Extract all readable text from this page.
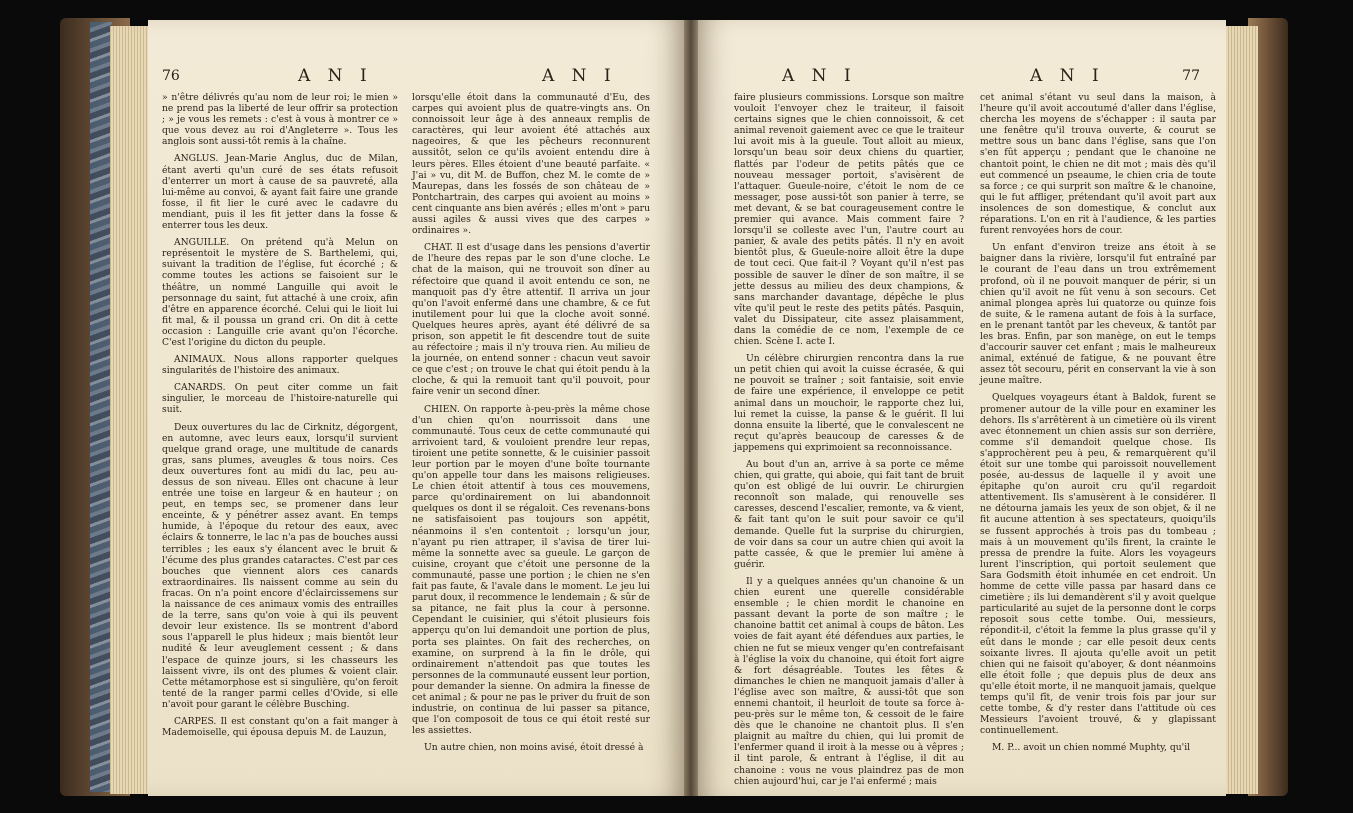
76	A N I	A N I

» n'être délivrés qu'au nom de leur roi; le mien » ne prend pas la liberté de leur offrir sa protection ; » je vous les remets : c'est à vous à montrer ce » que vous devez au roi d'Angleterre ». Tous les anglois sont aussi-tôt remis à la chaîne.

ANGLUS. Jean-Marie Anglus, duc de Milan, étant averti qu'un curé de ses états refusoit d'enterrer un mort à cause de sa pauvreté, alla lui-même au convoi, & ayant fait faire une grande fosse, il fit lier le curé avec le cadavre du mendiant, puis il les fit jetter dans la fosse & enterrer tous les deux.

ANGUILLE. On prétend qu'à Melun on représentoit le mystère de S. Barthelemi, qui, suivant la tradition de l'église, fut écorché ; & comme toutes les actions se faisoient sur le théâtre, un nommé Languille qui avoit le personnage du saint, fut attaché à une croix, afin d'être en apparence écorché. Celui qui le lioit lui fit mal, & il poussa un grand cri. On dit à cette occasion : Languille crie avant qu'on l'écorche. C'est l'origine du dicton du peuple.

ANIMAUX. Nous allons rapporter quelques singularités de l'histoire des animaux.

CANARDS. On peut citer comme un fait singulier, le morceau de l'histoire-naturelle qui suit.

Deux ouvertures du lac de Cirknitz, dégorgent, en automne, avec leurs eaux, lorsqu'il survient quelque grand orage, une multitude de canards gras, sans plumes, aveugles & tous noirs. Ces deux ouvertures font au midi du lac, peu au-dessus de son niveau. Elles ont chacune à leur entrée une toise en largeur & en hauteur ; on peut, en temps sec, se promener dans leur enceinte, & y pénétrer assez avant. En temps humide, à l'époque du retour des eaux, avec éclairs & tonnerre, le lac n'a pas de bouches aussi terribles ; les eaux s'y élancent avec le bruit & l'écume des plus grandes cataractes. C'est par ces bouches que viennent alors ces canards extraordinaires. Ils naissent comme au sein du fracas. On n'a point encore d'éclaircissemens sur la naissance de ces animaux vomis des entrailles de la terre, sans qu'on voie à qui ils peuvent devoir leur existence. Ils se montrent d'abord sous l'apparell le plus hideux ; mais bientôt leur nudité & leur aveuglement cessent ; & dans l'espace de quinze jours, si les chasseurs les laissent vivre, ils ont des plumes & voient clair. Cette métamorphose est si singulière, qu'on feroit tenté de la ranger parmi celles d'Ovide, si elle n'avoit pour garant le célèbre Busching.

CARPES. Il est constant qu'on a fait manger à Mademoiselle, qui épousa depuis M. de Lauzun,

lorsqu'elle étoit dans la communauté d'Eu, des carpes qui avoient plus de quatre-vingts ans. On connoissoit leur âge à des anneaux remplis de caractères, qui leur avoient été attachés aux nageoires, & que les pêcheurs reconnurent aussitôt, selon ce qu'ils avoient entendu dire à leurs pères. Elles étoient d'une beauté parfaite. « J'ai » vu, dit M. de Buffon, chez M. le comte de » Maurepas, dans les fossés de son château de » Pontchartrain, des carpes qui avoient au moins » cent cinquante ans bien avérés ; elles m'ont » paru aussi agiles & aussi vives que des carpes » ordinaires ».

CHAT. Il est d'usage dans les pensions d'avertir de l'heure des repas par le son d'une cloche. Le chat de la maison, qui ne trouvoit son dîner au réfectoire que quand il avoit entendu ce son, ne manquoit pas d'y être attentif. Il arriva un jour qu'on l'avoit enfermé dans une chambre, & ce fut inutilement pour lui que la cloche avoit sonné. Quelques heures après, ayant été délivré de sa prison, son appetit le fit descendre tout de suite au réfectoire ; mais il n'y trouva rien. Au milieu de la journée, on entend sonner : chacun veut savoir ce que c'est ; on trouve le chat qui étoit pendu à la cloche, & qui la remuoit tant qu'il pouvoit, pour faire venir un second dîner.

CHIEN. On rapporte à-peu-près la même chose d'un chien qu'on nourrissoit dans une communauté. Tous ceux de cette communauté qui arrivoient tard, & vouloient prendre leur repas, tiroient une petite sonnette, & le cuisinier passoit leur portion par le moyen d'une boîte tournante qu'on appelle tour dans les maisons religieuses. Le chien étoit attentif à tous ces mouvemens, parce qu'ordinairement on lui abandonnoit quelques os dont il se régaloit. Ces revenans-bons ne satisfaisoient pas toujours son appétit, néanmoins il s'en contentoit ; lorsqu'un jour, n'ayant pu rien attraper, il s'avisa de tirer lui-même la sonnette avec sa gueule. Le garçon de cuisine, croyant que c'étoit une personne de la communauté, passe une portion ; le chien ne s'en fait pas faute, & l'avale dans le moment. Le jeu lui parut doux, il recommence le lendemain ; & sûr de sa pitance, ne fait plus la cour à personne. Cependant le cuisinier, qui s'étoit plusieurs fois apperçu qu'on lui demandoit une portion de plus, porta ses plaintes. On fait des recherches, on examine, on surprend à la fin le drôle, qui ordinairement n'attendoit pas que toutes les personnes de la communauté eussent leur portion, pour demander la sienne. On admira la finesse de cet animal ; & pour ne pas le priver du fruit de son industrie, on continua de lui passer sa pitance, que l'on composoit de tous ce qui étoit resté sur les assiettes.

Un autre chien, non moins avisé, étoit dressé à

A N I	A N I	77

faire plusieurs commissions. Lorsque son maître vouloit l'envoyer chez le traiteur, il faisoit certains signes que le chien connoissoit, & cet animal revenoit gaiement avec ce que le traiteur lui avoit mis à la gueule. Tout alloit au mieux, lorsqu'un beau soir deux chiens du quartier, flattés par l'odeur de petits pâtés que ce nouveau messager portoit, s'avisèrent de l'attaquer. Gueule-noire, c'étoit le nom de ce messager, pose aussi-tôt son panier à terre, se met devant, & se bat courageusement contre le premier qui avance. Mais comment faire ? lorsqu'il se colleste avec l'un, l'autre court au panier, & avale des petits pâtés. Il n'y en avoit bientôt plus, & Gueule-noire alloit être la dupe de tout ceci. Que fait-il ? Voyant qu'il n'est pas possible de sauver le dîner de son maître, il se jette dessus au milieu des deux champions, & sans marchander davantage, dépêche le plus vîte qu'il peut le reste des petits pâtés. Pasquin, valet du Dissipateur, cite assez plaisamment, dans la comédie de ce nom, l'exemple de ce chien. Scène I. acte I.

Un célèbre chirurgien rencontra dans la rue un petit chien qui avoit la cuisse écrasée, & qui ne pouvoit se traîner ; soit fantaisie, soit envie de faire une expérience, il enveloppe ce petit animal dans un mouchoir, le rapporte chez lui, lui remet la cuisse, la panse & le guérit. Il lui donna ensuite la liberté, que le convalescent ne reçut qu'après beaucoup de caresses & de jappemens qui exprimoient sa reconnoissance.

Au bout d'un an, arrive à sa porte ce même chien, qui gratte, qui aboie, qui fait tant de bruit qu'on est obligé de lui ouvrir. Le chirurgien reconnoît son malade, qui renouvelle ses caresses, descend l'escalier, remonte, va & vient, & fait tant qu'on le suit pour savoir ce qu'il demande. Quelle fut la surprise du chirurgien, de voir dans sa cour un autre chien qui avoit la patte cassée, & que le premier lui amène à guérir.

Il y a quelques années qu'un chanoine & un chien eurent une querelle considérable ensemble ; le chien mordit le chanoine en passant devant la porte de son maître ; le chanoine battit cet animal à coups de bâton. Les voies de fait ayant été défendues aux parties, le chien ne fut se mieux venger qu'en contrefaisant à l'église la voix du chanoine, qui étoit fort aigre & fort désagréable. Toutes les fêtes & dimanches le chien ne manquoit jamais d'aller à l'église avec son maître, & aussi-tôt que son ennemi chantoit, il heurloit de toute sa force à-peu-près sur le même ton, & cessoit de le faire dès que le chanoine ne chantoit plus. Il s'en plaignit au maître du chien, qui lui promit de l'enfermer quand il iroit à la messe ou à vêpres ; il tint parole, & entrant à l'église, il dit au chanoine : vous ne vous plaindrez pas de mon chien aujourd'hui, car je l'ai enfermé ; mais

cet animal s'étant vu seul dans la maison, à l'heure qu'il avoit accoutumé d'aller dans l'église, chercha les moyens de s'échapper : il sauta par une fenêtre qu'il trouva ouverte, & courut se mettre sous un banc dans l'église, sans que l'on s'en fût apperçu ; pendant que le chanoine ne chantoit point, le chien ne dit mot ; mais dès qu'il eut commencé un pseaume, le chien cria de toute sa force ; ce qui surprit son maître & le chanoine, qui le fut affliger, prétendant qu'il avoit part aux insolences de son domestique, & conclut aux réparations. L'on en rit à l'audience, & les parties furent renvoyées hors de cour.

Un enfant d'environ treize ans étoit à se baigner dans la rivière, lorsqu'il fut entraîné par le courant de l'eau dans un trou extrêmement profond, où il ne pouvoit manquer de périr, si un chien qu'il avoit ne fût venu à son secours. Cet animal plongea après lui quatorze ou quinze fois de suite, & le ramena autant de fois à la surface, en le prenant tantôt par les cheveux, & tantôt par les bras. Enfin, par son manège, on eut le temps d'accourir sauver cet enfant ; mais le malheureux animal, exténué de fatigue, & ne pouvant être assez tôt secouru, périt en conservant la vie à son jeune maître.

Quelques voyageurs étant à Baldok, furent se promener autour de la ville pour en examiner les dehors. Ils s'arrêtèrent à un cimetière où ils virent avec étonnement un chien assis sur son derrière, comme s'il demandoit quelque chose. Ils s'approchèrent peu à peu, & remarquèrent qu'il étoit sur une tombe qui paroissoit nouvellement posée, au-dessus de laquelle il y avoit une épitaphe qu'on auroit cru qu'il regardoit attentivement. Ils s'amusèrent à le considérer. Il ne détourna jamais les yeux de son objet, & il ne fit aucune attention à ses spectateurs, quoiqu'ils se fussent approchés à trois pas du tombeau ; mais à un mouvement qu'ils firent, la crainte le pressa de prendre la fuite. Alors les voyageurs lurent l'inscription, qui portoit seulement que Sara Godsmith étoit inhumée en cet endroit. Un homme de cette ville passa par hasard dans ce cimetière ; ils lui demandèrent s'il y avoit quelque particularité au sujet de la personne dont le corps reposoit sous cette tombe. Oui, messieurs, répondit-il, c'étoit la femme la plus grasse qu'il y eût dans le monde ; car elle pesoit deux cents soixante livres. Il ajouta qu'elle avoit un petit chien qui ne faisoit qu'aboyer, & dont néanmoins elle étoit folle ; que depuis plus de deux ans qu'elle étoit morte, il ne manquoit jamais, quelque temps qu'il fît, de venir trois fois par jour sur cette tombe, & d'y rester dans l'attitude où ces Messieurs l'avoient trouvé, & y glapissant continuellement.

M. P... avoit un chien nommé Muphty, qu'il
